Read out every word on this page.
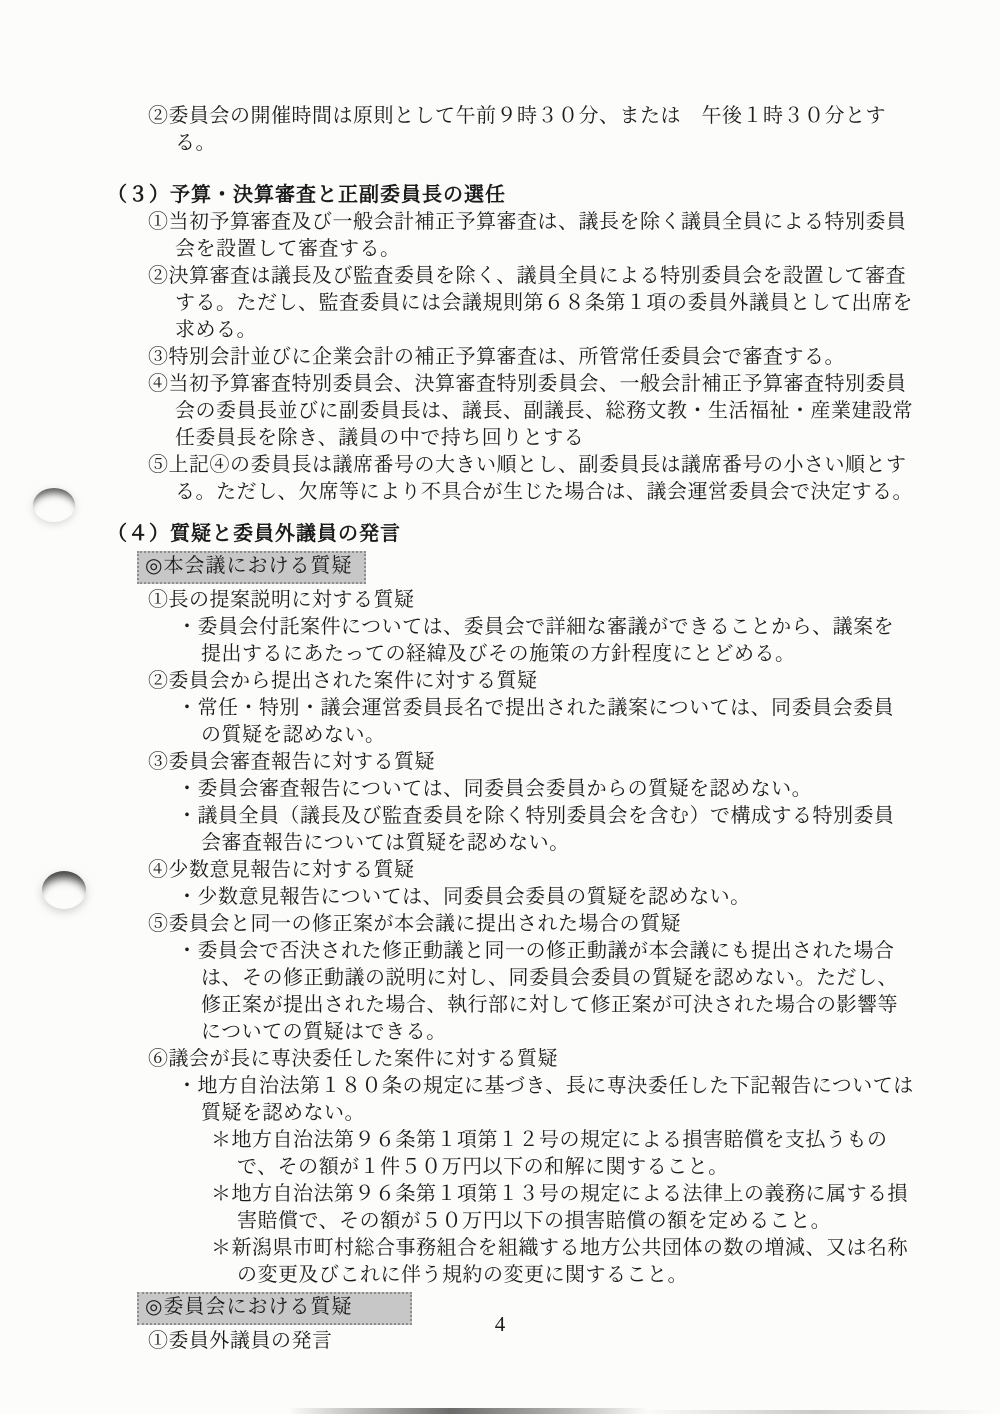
②委員会の開催時間は原則として午前９時３０分、または　午後１時３０分とする。
（３）予算・決算審査と正副委員長の選任
①当初予算審査及び一般会計補正予算審査は、議長を除く議員全員による特別委員会を設置して審査する。
②決算審査は議長及び監査委員を除く、議員全員による特別委員会を設置して審査する。ただし、監査委員には会議規則第６８条第１項の委員外議員として出席を求める。
③特別会計並びに企業会計の補正予算審査は、所管常任委員会で審査する。
④当初予算審査特別委員会、決算審査特別委員会、一般会計補正予算審査特別委員会の委員長並びに副委員長は、議長、副議長、総務文教・生活福祉・産業建設常任委員長を除き、議員の中で持ち回りとする
⑤上記④の委員長は議席番号の大きい順とし、副委員長は議席番号の小さい順とする。ただし、欠席等により不具合が生じた場合は、議会運営委員会で決定する。
（４）質疑と委員外議員の発言
◎本会議における質疑
①長の提案説明に対する質疑
・委員会付託案件については、委員会で詳細な審議ができることから、議案を提出するにあたっての経緯及びその施策の方針程度にとどめる。
②委員会から提出された案件に対する質疑
・常任・特別・議会運営委員長名で提出された議案については、同委員会委員の質疑を認めない。
③委員会審査報告に対する質疑
・委員会審査報告については、同委員会委員からの質疑を認めない。
・議員全員（議長及び監査委員を除く特別委員会を含む）で構成する特別委員会審査報告については質疑を認めない。
④少数意見報告に対する質疑
・少数意見報告については、同委員会委員の質疑を認めない。
⑤委員会と同一の修正案が本会議に提出された場合の質疑
・委員会で否決された修正動議と同一の修正動議が本会議にも提出された場合は、その修正動議の説明に対し、同委員会委員の質疑を認めない。ただし、修正案が提出された場合、執行部に対して修正案が可決された場合の影響等についての質疑はできる。
⑥議会が長に専決委任した案件に対する質疑
・地方自治法第１８０条の規定に基づき、長に専決委任した下記報告については質疑を認めない。
＊地方自治法第９６条第１項第１２号の規定による損害賠償を支払うもので、その額が１件５０万円以下の和解に関すること。
＊地方自治法第９６条第１項第１３号の規定による法律上の義務に属する損害賠償で、その額が５０万円以下の損害賠償の額を定めること。
＊新潟県市町村総合事務組合を組織する地方公共団体の数の増減、又は名称の変更及びこれに伴う規約の変更に関すること。
◎委員会における質疑
①委員外議員の発言
4
